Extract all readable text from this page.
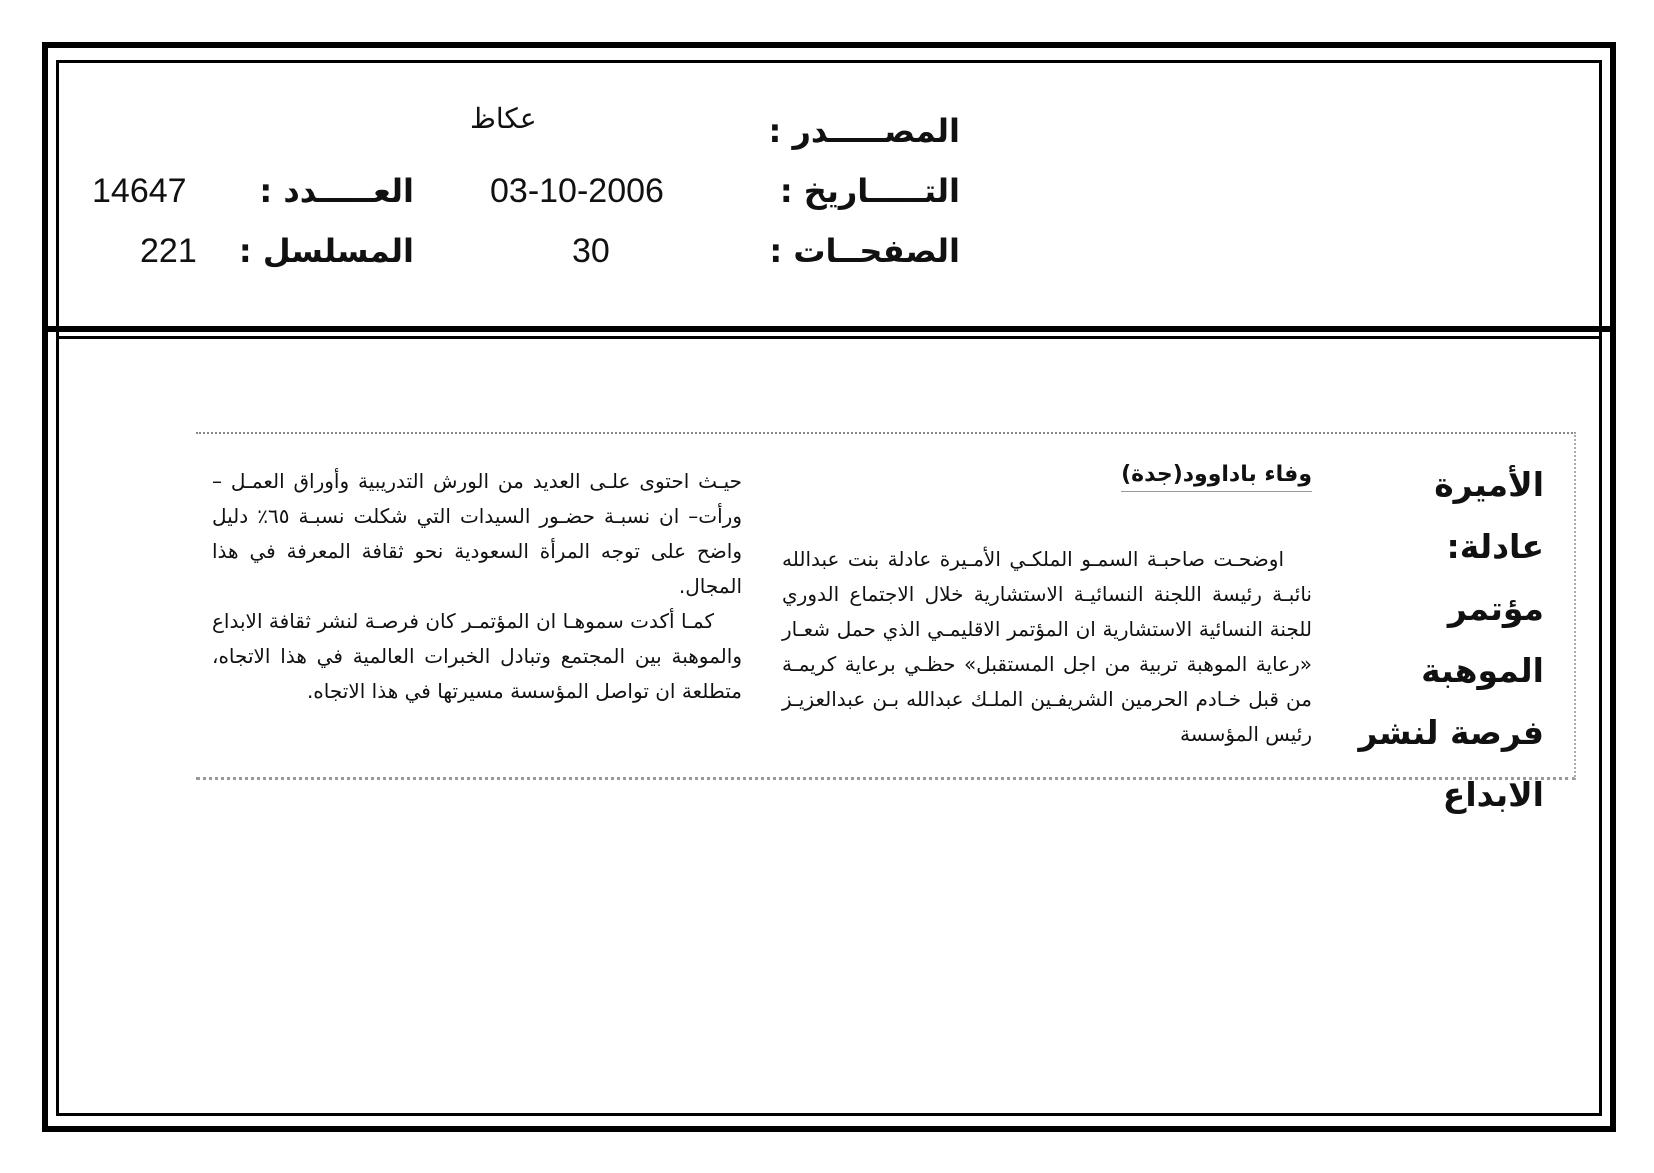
المصـــــدر :
عكاظ
التـــــاريخ :
03-10-2006
الصفحــات :
30
العـــــدد :
14647
المسلسل :
221
الأميرة عادلة:
مؤتمر الموهبة
فرصة لنشر
الابداع
وفاء باداوود(جدة)

اوضحـت صاحبـة السمـو الملكـي الأمـيرة عادلة بنت عبدالله نائبـة رئيسة اللجنة النسائيـة الاستشارية خلال الاجتماع الدوري للجنة النسائية الاستشارية ان المؤتمر الاقليمـي الذي حمل شعـار «رعاية الموهبة تربية من اجل المستقبل» حظـي برعاية كريمـة من قبل خـادم الحرمين الشريفـين الملـك عبدالله بـن عبدالعزيـز رئيس المؤسسة

حيـث احتوى علـى العديد من الورش التدريبية وأوراق العمـل –ورأت– ان نسبـة حضـور السيدات التي شكلت نسبـة ٦٥٪ دليل واضح على توجه المرأة السعودية نحو ثقافة المعرفة في هذا المجال.

كمـا أكدت سموهـا ان المؤتمـر كان فرصـة لنشر ثقافة الابداع والموهبة بين المجتمع وتبادل الخبرات العالمية في هذا الاتجاه، متطلعة ان تواصل المؤسسة مسيرتها في هذا الاتجاه.
